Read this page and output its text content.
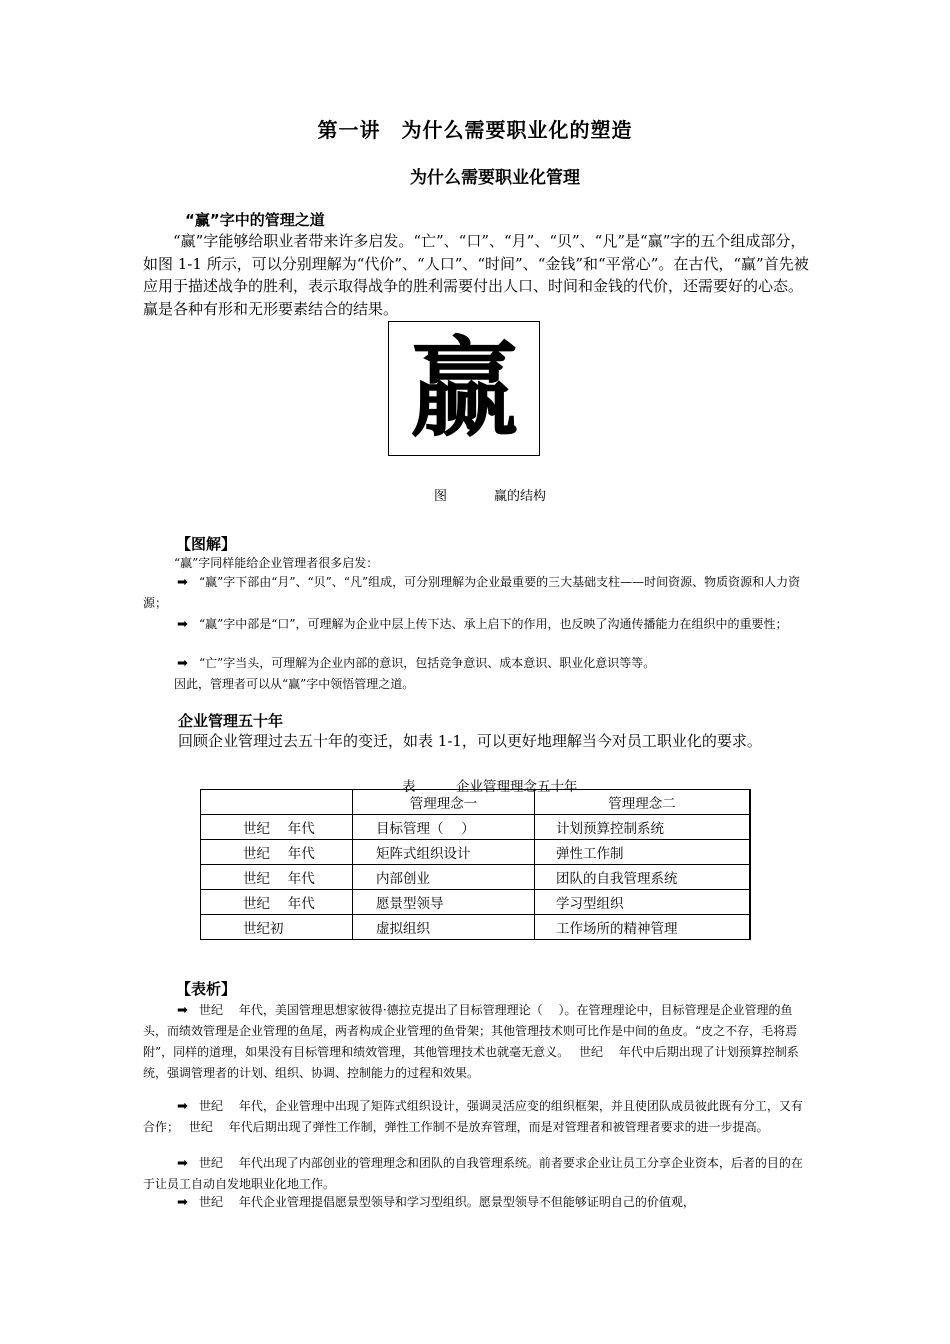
第一讲　为什么需要职业化的塑造
为什么需要职业化管理
“赢”字中的管理之道
“赢”字能够给职业者带来许多启发。“亡”、“口”、“月”、“贝”、“凡”是“赢”字的五个组成部分，如图 1-1 所示，可以分别理解为“代价”、“人口”、“时间”、“金钱”和“平常心”。在古代，“赢”首先被应用于描述战争的胜利，表示取得战争的胜利需要付出人口、时间和金钱的代价，还需要好的心态。赢是各种有形和无形要素结合的结果。
赢
图	赢的结构
【图解】
“赢”字同样能给企业管理者很多启发：
➡ “赢”字下部由“月”、“贝”、“凡”组成，可分别理解为企业最重要的三大基础支柱——时间资源、物质资源和人力资源；
➡ “赢”字中部是“口”，可理解为企业中层上传下达、承上启下的作用，也反映了沟通传播能力在组织中的重要性；
➡ “亡”字当头，可理解为企业内部的意识，包括竞争意识、成本意识、职业化意识等等。
因此，管理者可以从“赢”字中领悟管理之道。
企业管理五十年
回顾企业管理过去五十年的变迁，如表 1-1，可以更好地理解当今对员工职业化的要求。
表	企业管理理念五十年
	管理理念一	管理理念二
世纪　 年代	目标管理（　 ）	计划预算控制系统
世纪　 年代	矩阵式组织设计	弹性工作制
世纪　 年代	内部创业	团队的自我管理系统
世纪　 年代	愿景型领导	学习型组织
世纪初	虚拟组织	工作场所的精神管理
【表析】
➡ 世纪　 年代，美国管理思想家彼得·德拉克提出了目标管理理论（　 ）。在管理理论中，目标管理是企业管理的鱼头，而绩效管理是企业管理的鱼尾，两者构成企业管理的鱼骨架；其他管理技术则可比作是中间的鱼皮。“皮之不存，毛将焉附”，同样的道理，如果没有目标管理和绩效管理，其他管理技术也就毫无意义。　 世纪　 年代中后期出现了计划预算控制系统，强调管理者的计划、组织、协调、控制能力的过程和效果。
➡ 世纪　 年代，企业管理中出现了矩阵式组织设计，强调灵活应变的组织框架，并且使团队成员彼此既有分工，又有合作；　 世纪　 年代后期出现了弹性工作制，弹性工作制不是放弃管理，而是对管理者和被管理者要求的进一步提高。
➡ 世纪　 年代出现了内部创业的管理理念和团队的自我管理系统。前者要求企业让员工分享企业资本，后者的目的在于让员工自动自发地职业化地工作。
➡ 世纪　 年代企业管理提倡愿景型领导和学习型组织。愿景型领导不但能够证明自己的价值观，
